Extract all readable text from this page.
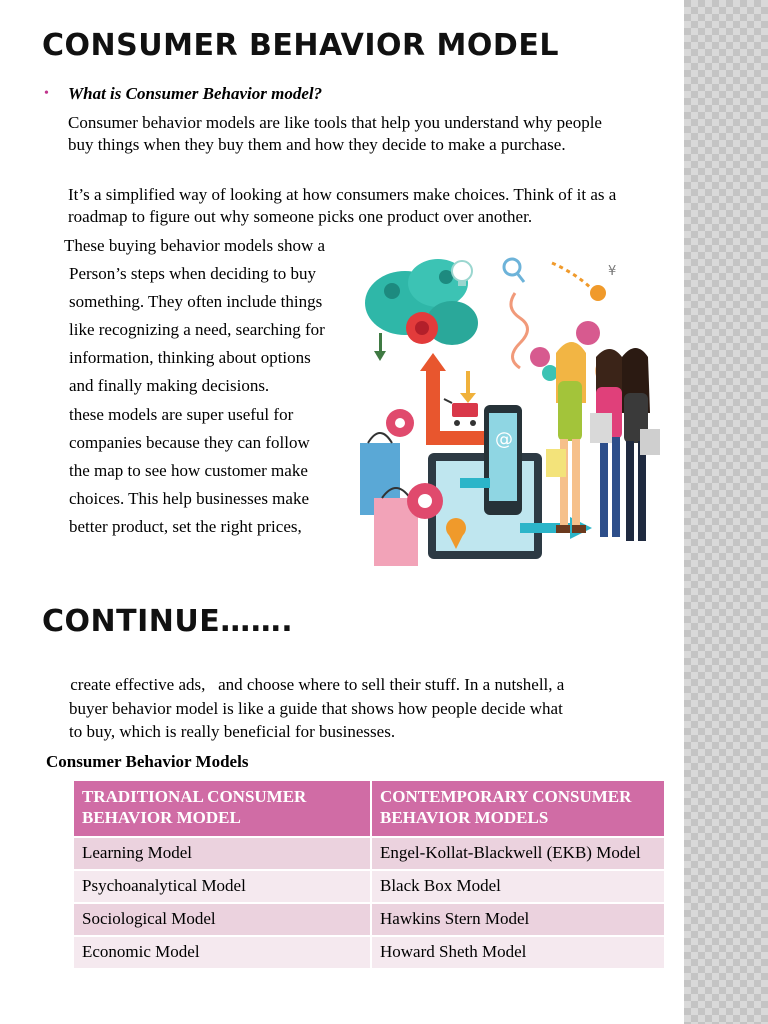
CONSUMER BEHAVIOR MODEL
•	What is Consumer Behavior model?

Consumer behavior models are like tools that help you understand why people buy things when they buy them and how they decide to make a purchase.

It’s a simplified way of looking at how consumers make choices. Think of it as a roadmap to figure out why someone picks one product over another.

These buying behavior models show a
Person’s steps when deciding to buy
something. They often include things
like recognizing a need, searching for
information, thinking about options
and finally making decisions.
these models are super useful for
companies because they can follow
the map to see how customer make
choices. This help businesses make
better product, set the right prices,
¥
@
CONTINUE…….
create effective ads,   and choose where to sell their stuff. In a nutshell, a
buyer behavior model is like a guide that shows how people decide what
to buy, which is really beneficial for businesses.
Consumer Behavior Models
TRADITIONAL CONSUMER BEHAVIOR MODEL	CONTEMPORARY CONSUMER BEHAVIOR MODELS
Learning Model	Engel-Kollat-Blackwell (EKB) Model
Psychoanalytical Model	Black Box Model
Sociological Model	Hawkins Stern Model
Economic Model	Howard Sheth Model
